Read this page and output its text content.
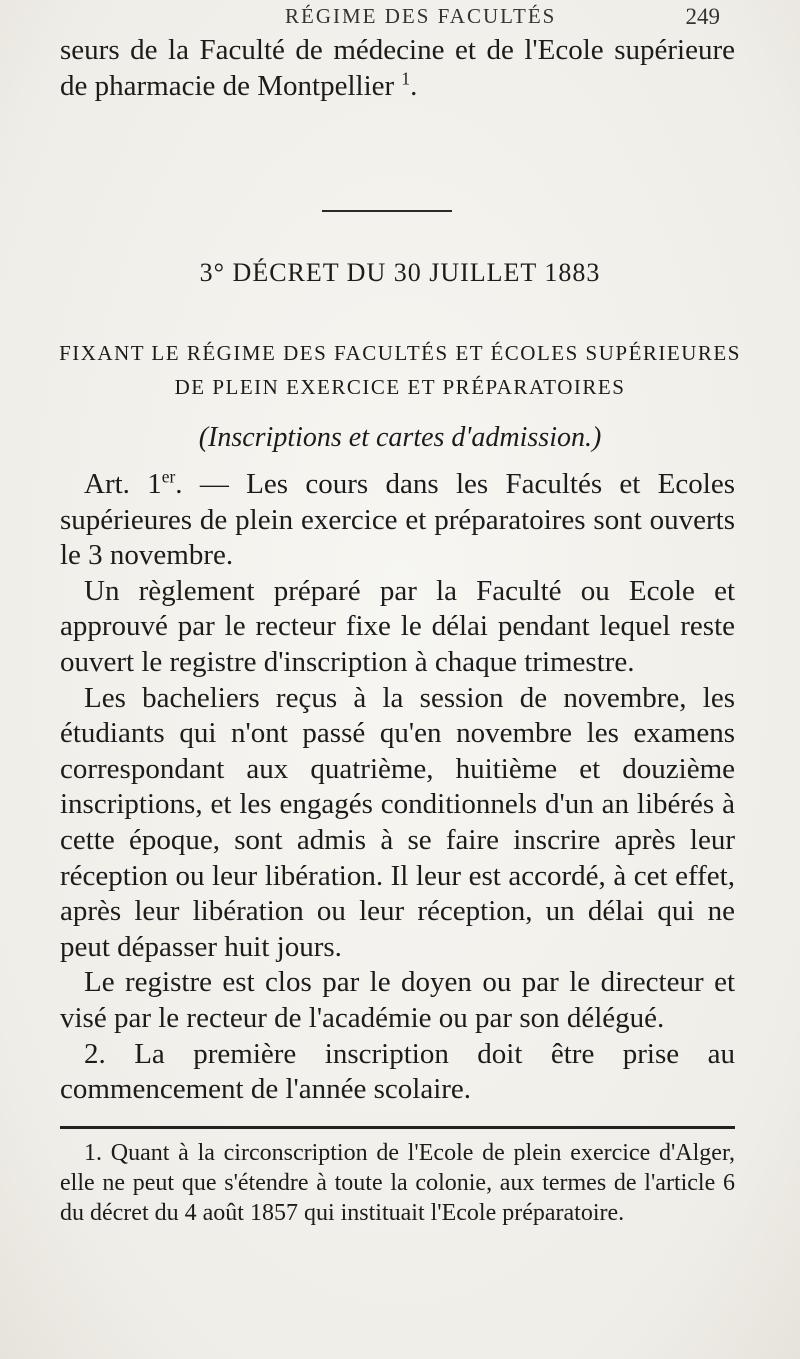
RÉGIME DES FACULTÉS	249

seurs de la Faculté de médecine et de l'Ecole supérieure de pharmacie de Montpellier $^1$.

3° DÉCRET DU 30 JUILLET 1883
FIXANT LE RÉGIME DES FACULTÉS ET ÉCOLES SUPÉRIEURES
DE PLEIN EXERCICE ET PRÉPARATOIRES
(Inscriptions et cartes d'admission.)

Art. 1er. — Les cours dans les Facultés et Ecoles supérieures de plein exercice et préparatoires sont ouverts le 3 novembre.

Un règlement préparé par la Faculté ou Ecole et approuvé par le recteur fixe le délai pendant lequel reste ouvert le registre d'inscription à chaque trimestre.

Les bacheliers reçus à la session de novembre, les étudiants qui n'ont passé qu'en novembre les examens correspondant aux quatrième, huitième et douzième inscriptions, et les engagés conditionnels d'un an libérés à cette époque, sont admis à se faire inscrire après leur réception ou leur libération. Il leur est accordé, à cet effet, après leur libération ou leur réception, un délai qui ne peut dépasser huit jours.

Le registre est clos par le doyen ou par le directeur et visé par le recteur de l'académie ou par son délégué.

2. La première inscription doit être prise au commencement de l'année scolaire.

1. Quant à la circonscription de l'Ecole de plein exercice d'Alger, elle ne peut que s'étendre à toute la colonie, aux termes de l'article 6 du décret du 4 août 1857 qui instituait l'Ecole préparatoire.
